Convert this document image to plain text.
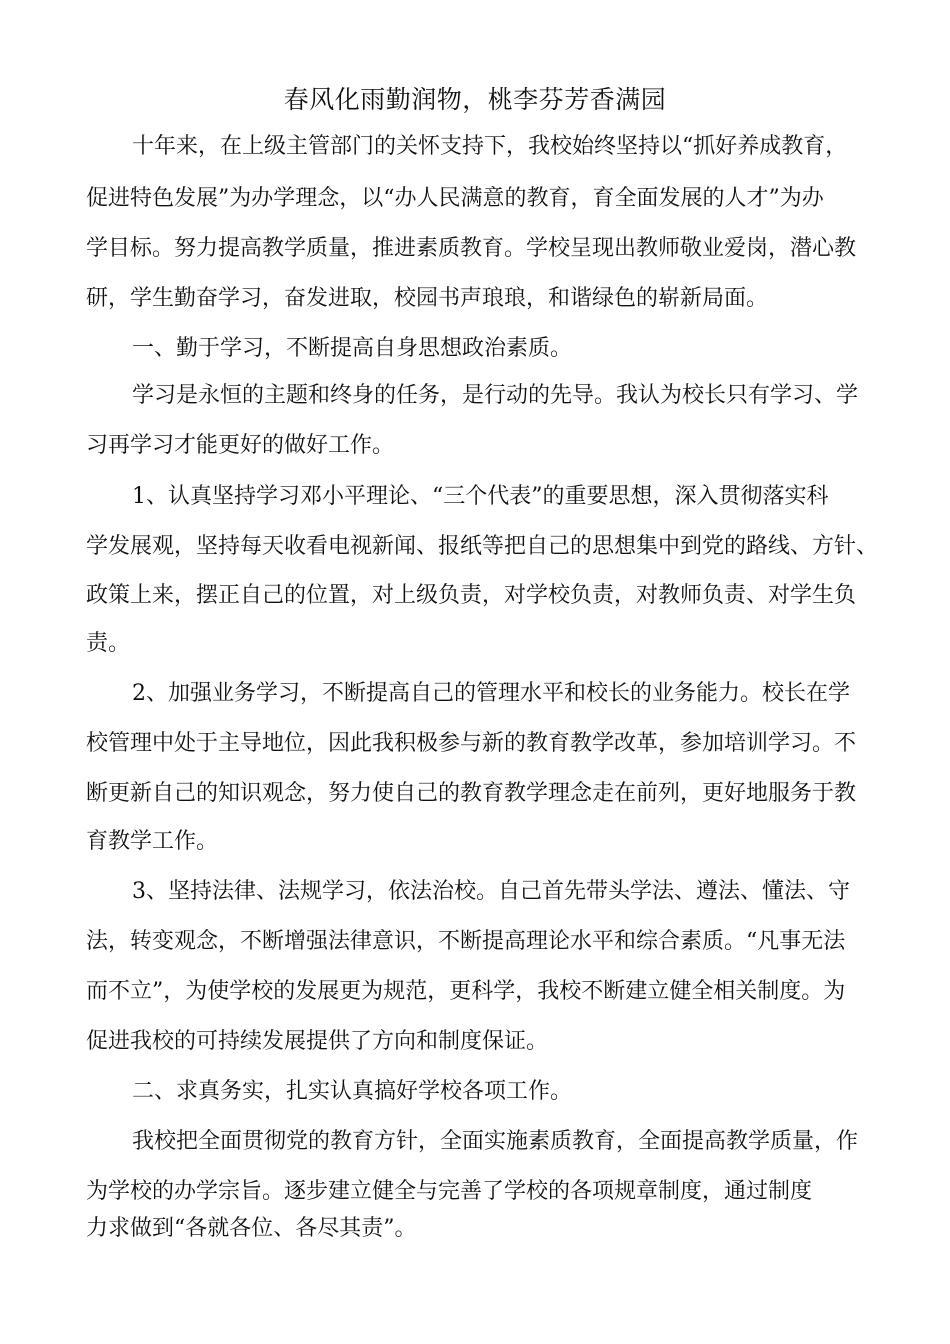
春风化雨勤润物，桃李芬芳香满园
十年来，在上级主管部门的关怀支持下，我校始终坚持以“抓好养成教育，
促进特色发展”为办学理念，以“办人民满意的教育，育全面发展的人才”为办
学目标。努力提高教学质量，推进素质教育。学校呈现出教师敬业爱岗，潜心教
研，学生勤奋学习，奋发进取，校园书声琅琅，和谐绿色的崭新局面。
一、勤于学习，不断提高自身思想政治素质。
学习是永恒的主题和终身的任务，是行动的先导。我认为校长只有学习、学
习再学习才能更好的做好工作。
1、认真坚持学习邓小平理论、“三个代表”的重要思想，深入贯彻落实科
学发展观，坚持每天收看电视新闻、报纸等把自己的思想集中到党的路线、方针、
政策上来，摆正自己的位置，对上级负责，对学校负责，对教师负责、对学生负
责。
2、加强业务学习，不断提高自己的管理水平和校长的业务能力。校长在学
校管理中处于主导地位，因此我积极参与新的教育教学改革，参加培训学习。不
断更新自己的知识观念，努力使自己的教育教学理念走在前列，更好地服务于教
育教学工作。
3、坚持法律、法规学习，依法治校。自己首先带头学法、遵法、懂法、守
法，转变观念，不断增强法律意识，不断提高理论水平和综合素质。“凡事无法
而不立”，为使学校的发展更为规范，更科学，我校不断建立健全相关制度。为
促进我校的可持续发展提供了方向和制度保证。
二、求真务实，扎实认真搞好学校各项工作。
我校把全面贯彻党的教育方针，全面实施素质教育，全面提高教学质量，作
为学校的办学宗旨。逐步建立健全与完善了学校的各项规章制度，通过制度
力求做到“各就各位、各尽其责”。
